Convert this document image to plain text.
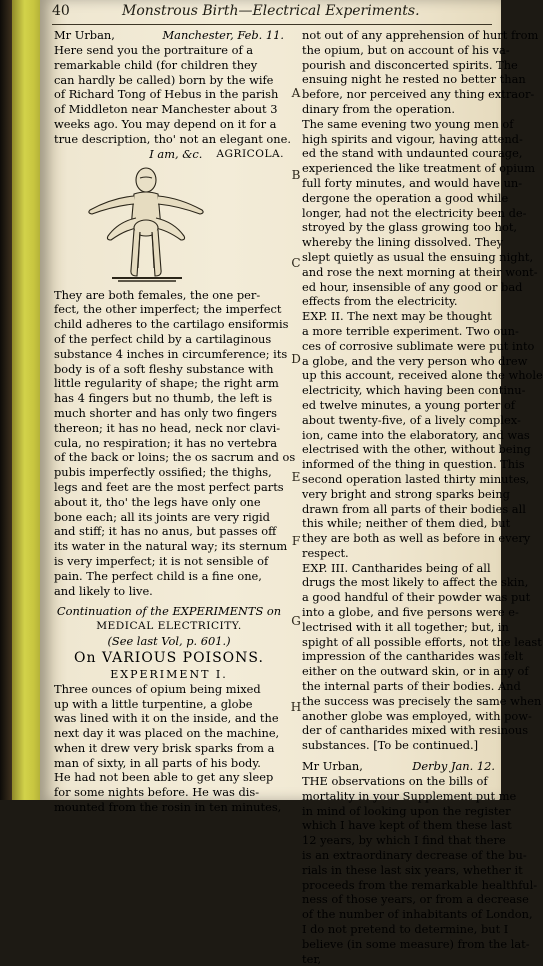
40	Monstrous Birth—Electrical Experiments.
Mr Urban,	Manchester, Feb. 11.
Here send you the portraiture of a
remarkable child (for children they
can hardly be called) born by the wife
of Richard Tong of Hebus in the parish
of Middleton near Manchester about 3
weeks ago. You may depend on it for a
true description, tho' not an elegant one.
I am, &c. AGRICOLA.
They are both females, the one per-
fect, the other imperfect; the imperfect
child adheres to the cartilago ensiformis
of the perfect child by a cartilaginous
substance 4 inches in circumference; its
body is of a soft fleshy substance with
little regularity of shape; the right arm
has 4 fingers but no thumb, the left is
much shorter and has only two fingers
thereon; it has no head, neck nor clavi-
cula, no respiration; it has no vertebra
of the back or loins; the os sacrum and os
pubis imperfectly ossified; the thighs,
legs and feet are the most perfect parts
about it, tho' the legs have only one
bone each; all its joints are very rigid
and stiff; it has no anus, but passes off
its water in the natural way; its sternum
is very imperfect; it is not sensible of
pain. The perfect child is a fine one,
and likely to live.
Continuation of the EXPERIMENTS on
MEDICAL ELECTRICITY.
(See last Vol, p. 601.)
On VARIOUS POISONS.
EXPERIMENT I.
Three ounces of opium being mixed
up with a little turpentine, a globe
was lined with it on the inside, and the
next day it was placed on the machine,
when it drew very brisk sparks from a
man of sixty, in all parts of his body.
He had not been able to get any sleep
for some nights before. He was dis-
mounted from the rosin in ten minutes,
A
B
C
D
E
F
G
H
not out of any apprehension of hurt from
the opium, but on account of his va-
pourish and disconcerted spirits. The
ensuing night he rested no better than
before, nor perceived any thing extraor-
dinary from the operation.
The same evening two young men of
high spirits and vigour, having attend-
ed the stand with undaunted courage,
experienced the like treatment of opium
full forty minutes, and would have un-
dergone the operation a good while
longer, had not the electricity been de-
stroyed by the glass growing too hot,
whereby the lining dissolved. They
slept quietly as usual the ensuing night,
and rose the next morning at their wont-
ed hour, insensible of any good or bad
effects from the electricity.
EXP. II. The next may be thought
a more terrible experiment. Two oun-
ces of corrosive sublimate were put into
a globe, and the very person who drew
up this account, received alone the whole
electricity, which having been continu-
ed twelve minutes, a young porter of
about twenty-five, of a lively complex-
ion, came into the elaboratory, and was
electrised with the other, without being
informed of the thing in question. This
second operation lasted thirty minutes,
very bright and strong sparks being
drawn from all parts of their bodies all
this while; neither of them died, but
they are both as well as before in every
respect.
EXP. III. Cantharides being of all
drugs the most likely to affect the skin,
a good handful of their powder was put
into a globe, and five persons were e-
lectrised with it all together; but, in
spight of all possible efforts, not the least
impression of the cantharides was felt
either on the outward skin, or in any of
the internal parts of their bodies. And
the success was precisely the same when
another globe was employed, with pow-
der of cantharides mixed with resinous
substances. [To be continued.]
Mr Urban,	Derby Jan. 12.
THE observations on the bills of
mortality in your Supplement put me
in mind of looking upon the register
which I have kept of them these last
12 years, by which I find that there
is an extraordinary decrease of the bu-
rials in these last six years, whether it
proceeds from the remarkable healthful-
ness of those years, or from a decrease
of the number of inhabitants of London,
I do not pretend to determine, but I
believe (in some measure) from the lat-
ter,
